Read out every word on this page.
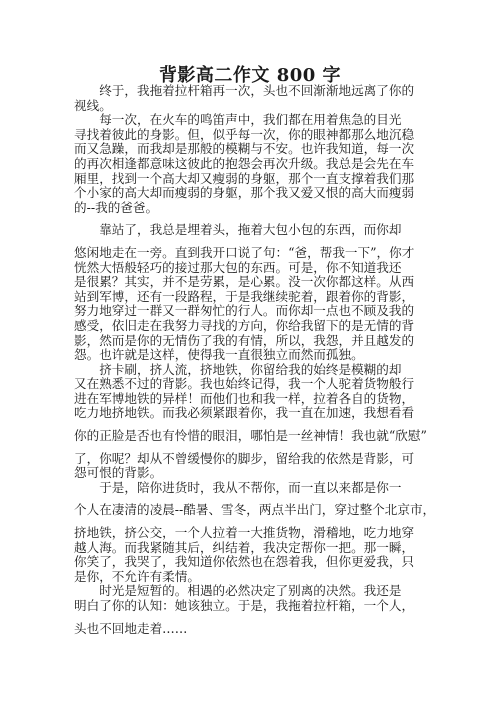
背影高二作文 800 字

　　终于，我拖着拉杆箱再一次，头也不回渐渐地远离了你的

视线。

　　每一次，在火车的鸣笛声中，我们都在用着焦急的目光

寻找着彼此的身影。但，似乎每一次，你的眼神都那么地沉稳

而又急躁，而我却是那般的模糊与不安。也许我知道，每一次

的再次相逢都意味这彼此的抱怨会再次升级。我总是会先在车

厢里，找到一个高大却又瘦弱的身躯，那个一直支撑着我们那

个小家的高大却而瘦弱的身躯，那个我又爱又恨的高大而瘦弱

的--我的爸爸。

　　靠站了，我总是埋着头，拖着大包小包的东西，而你却

悠闲地走在一旁。直到我开口说了句：“爸，帮我一下”，你才

恍然大悟般轻巧的接过那大包的东西。可是，你不知道我还

是很累？其实，并不是劳累，是心累。没一次你都这样。从西

站到军博，还有一段路程，于是我继续驼着，跟着你的背影，

努力地穿过一群又一群匆忙的行人。而你却一点也不顾及我的

感受，依旧走在我努力寻找的方向，你给我留下的是无情的背

影，然而是你的无情伤了我的有情，所以，我怨，并且越发的

怨。也许就是这样，使得我一直很独立而然而孤独。

　　挤卡刷，挤人流，挤地铁，你留给我的始终是模糊的却

又在熟悉不过的背影。我也始终记得，我一个人驼着货物般行

进在军博地铁的异样！而他们也和我一样，拉着各自的货物，

吃力地挤地铁。而我必须紧跟着你，我一直在加速，我想看看

你的正脸是否也有怜惜的眼泪，哪怕是一丝神情！我也就“欣慰”

了，你呢？却从不曾缓慢你的脚步，留给我的依然是背影，可

怨可恨的背影。

　　于是，陪你进货时，我从不帮你，而一直以来都是你一

个人在凄清的凌晨--酷暑、雪冬，两点半出门，穿过整个北京市，

挤地铁，挤公交，一个人拉着一大推货物，滑稽地，吃力地穿

越人海。而我紧随其后，纠结着，我决定帮你一把。那一瞬，

你笑了，我哭了，我知道你依然也在怨着我，但你更爱我，只

是你，不允许有柔情。

　　时光是短暂的。相遇的必然决定了别离的决然。我还是

明白了你的认知：她该独立。于是，我拖着拉杆箱，一个人，

头也不回地走着……
